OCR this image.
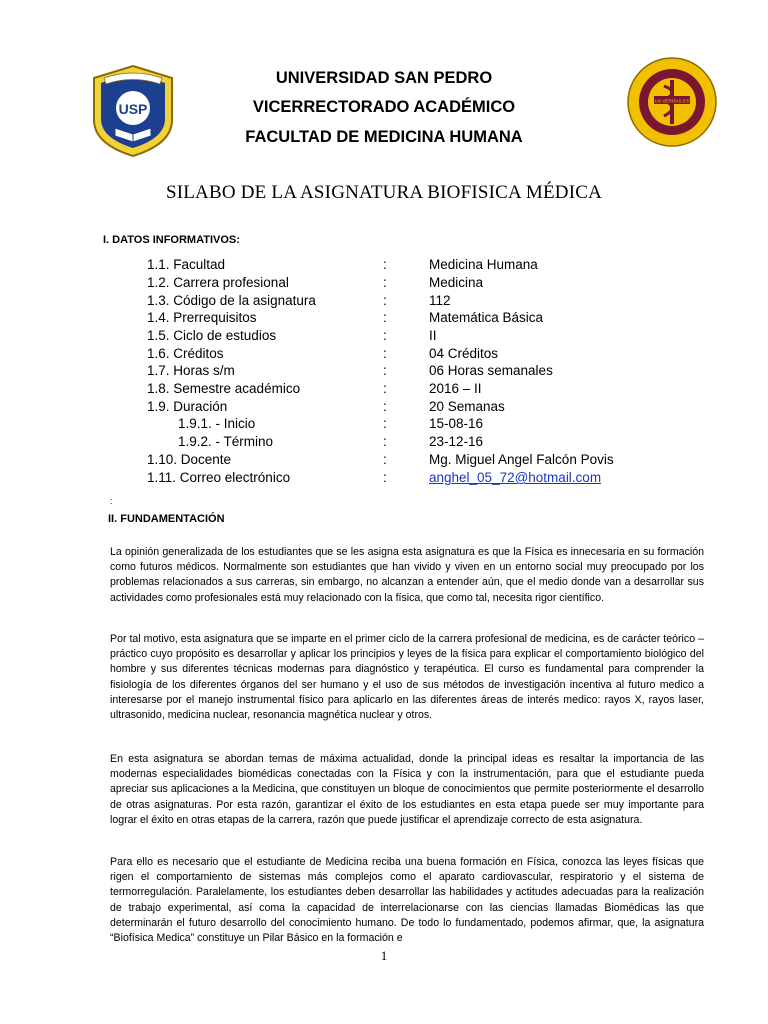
USP	LUX VERITAS EST
UNIVERSIDAD SAN PEDRO
VICERRECTORADO ACADÉMICO
FACULTAD DE MEDICINA HUMANA
SILABO DE LA ASIGNATURA BIOFISICA MÉDICA
I. DATOS INFORMATIVOS:
1.1. Facultad	:	Medicina Humana
1.2. Carrera profesional	:	Medicina
1.3. Código de la asignatura	:	112
1.4. Prerrequisitos	:	Matemática Básica
1.5. Ciclo de estudios	:	II
1.6. Créditos	:	04 Créditos
1.7. Horas s/m	:	06 Horas semanales
1.8. Semestre académico	:	2016 – II
1.9. Duración	:	20 Semanas
1.9.1. - Inicio	:	15-08-16
1.9.2. - Término	:	23-12-16
1.10. Docente	:	Mg. Miguel Angel Falcón Povis
1.11. Correo electrónico	:	anghel_05_72@hotmail.com
:
II. FUNDAMENTACIÓN

La opinión generalizada de los estudiantes que se les asigna esta asignatura es que la Física es innecesaria en su formación como futuros médicos. Normalmente son estudiantes que han vivido y viven en un entorno social muy preocupado por los problemas relacionados a sus carreras, sin embargo, no alcanzan a entender aún, que el medio donde van a desarrollar sus actividades como profesionales está muy relacionado con la física, que como tal, necesita rigor científico.

Por tal motivo, esta asignatura que se imparte en el primer ciclo de la carrera profesional de medicina, es de carácter teórico – práctico cuyo propósito es desarrollar y aplicar los principios y leyes de la física para explicar el comportamiento biológico del hombre y sus diferentes técnicas modernas para diagnóstico y terapéutica. El curso es fundamental para comprender la fisiología de los diferentes órganos del ser humano y el uso de sus métodos de investigación incentiva al futuro medico a interesarse por el manejo instrumental físico para aplicarlo en las diferentes áreas de interés medico: rayos X, rayos laser, ultrasonido, medicina nuclear, resonancia magnética nuclear y otros.

En esta asignatura se abordan temas de máxima actualidad, donde la principal ideas es resaltar la importancia de las modernas especialidades biomédicas conectadas con la Física y con la instrumentación, para que el estudiante pueda apreciar sus aplicaciones a la Medicina, que constituyen un bloque de conocimientos que permite posteriormente el desarrollo de otras asignaturas. Por esta razón, garantizar el éxito de los estudiantes en esta etapa puede ser muy importante para lograr el éxito en otras etapas de la carrera, razón que puede justificar el aprendizaje correcto de esta asignatura.

Para ello es necesario que el estudiante de Medicina reciba una buena formación en Física, conozca las leyes físicas que rigen el comportamiento de sistemas más complejos como el aparato cardiovascular, respiratorio y el sistema de termorregulación. Paralelamente, los estudiantes deben desarrollar las habilidades y actitudes adecuadas para la realización de trabajo experimental, así coma la capacidad de interrelacionarse con las ciencias llamadas Biomédicas las que determinarán el futuro desarrollo del conocimiento humano. De todo lo fundamentado, podemos afirmar, que, la asignatura “Biofísica Medica” constituye un Pilar Básico en la formación e

1
